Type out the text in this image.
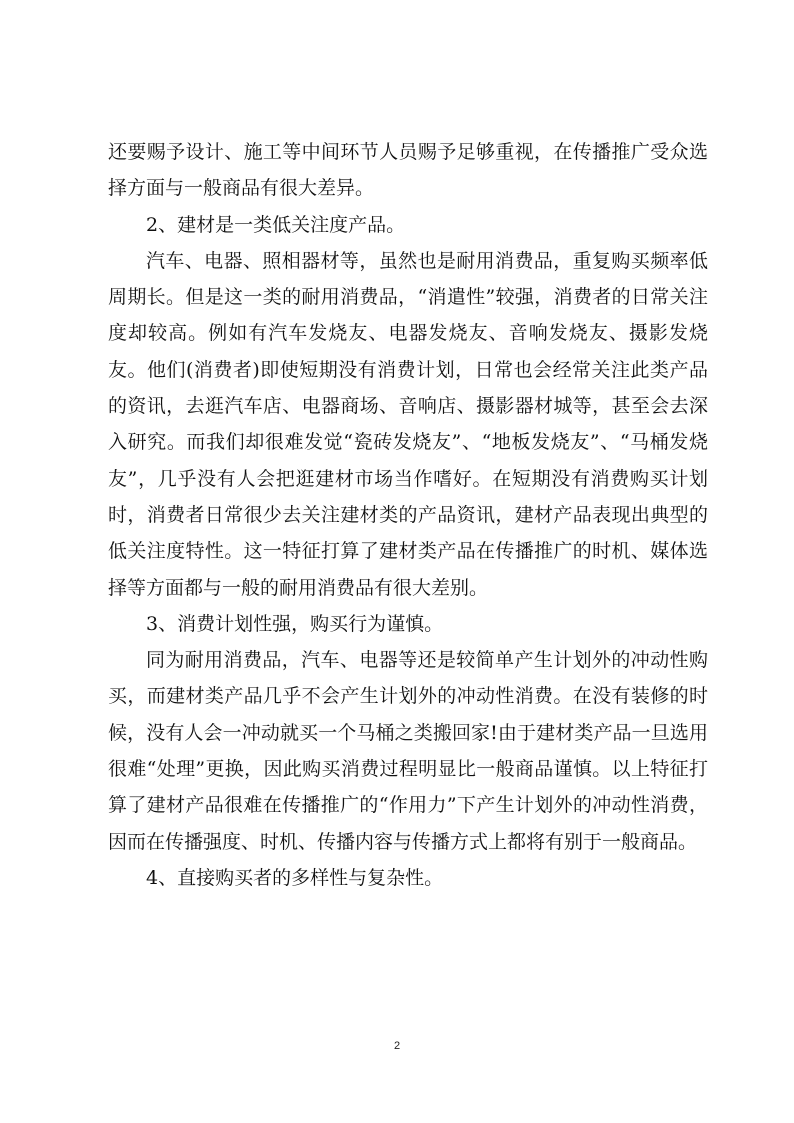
还要赐予设计、施工等中间环节人员赐予足够重视，在传播推广受众选择方面与一般商品有很大差异。

2、建材是一类低关注度产品。

汽车、电器、照相器材等，虽然也是耐用消费品，重复购买频率低周期长。但是这一类的耐用消费品，“消遣性”较强，消费者的日常关注度却较高。例如有汽车发烧友、电器发烧友、音响发烧友、摄影发烧友。他们(消费者)即使短期没有消费计划，日常也会经常关注此类产品的资讯，去逛汽车店、电器商场、音响店、摄影器材城等，甚至会去深入研究。而我们却很难发觉“瓷砖发烧友”、“地板发烧友”、“马桶发烧友”，几乎没有人会把逛建材市场当作嗜好。在短期没有消费购买计划时，消费者日常很少去关注建材类的产品资讯，建材产品表现出典型的低关注度特性。这一特征打算了建材类产品在传播推广的时机、媒体选择等方面都与一般的耐用消费品有很大差别。

3、消费计划性强，购买行为谨慎。

同为耐用消费品，汽车、电器等还是较简单产生计划外的冲动性购买，而建材类产品几乎不会产生计划外的冲动性消费。在没有装修的时候，没有人会一冲动就买一个马桶之类搬回家!由于建材类产品一旦选用很难“处理”更换，因此购买消费过程明显比一般商品谨慎。以上特征打算了建材产品很难在传播推广的“作用力”下产生计划外的冲动性消费，因而在传播强度、时机、传播内容与传播方式上都将有别于一般商品。

4、直接购买者的多样性与复杂性。

2
